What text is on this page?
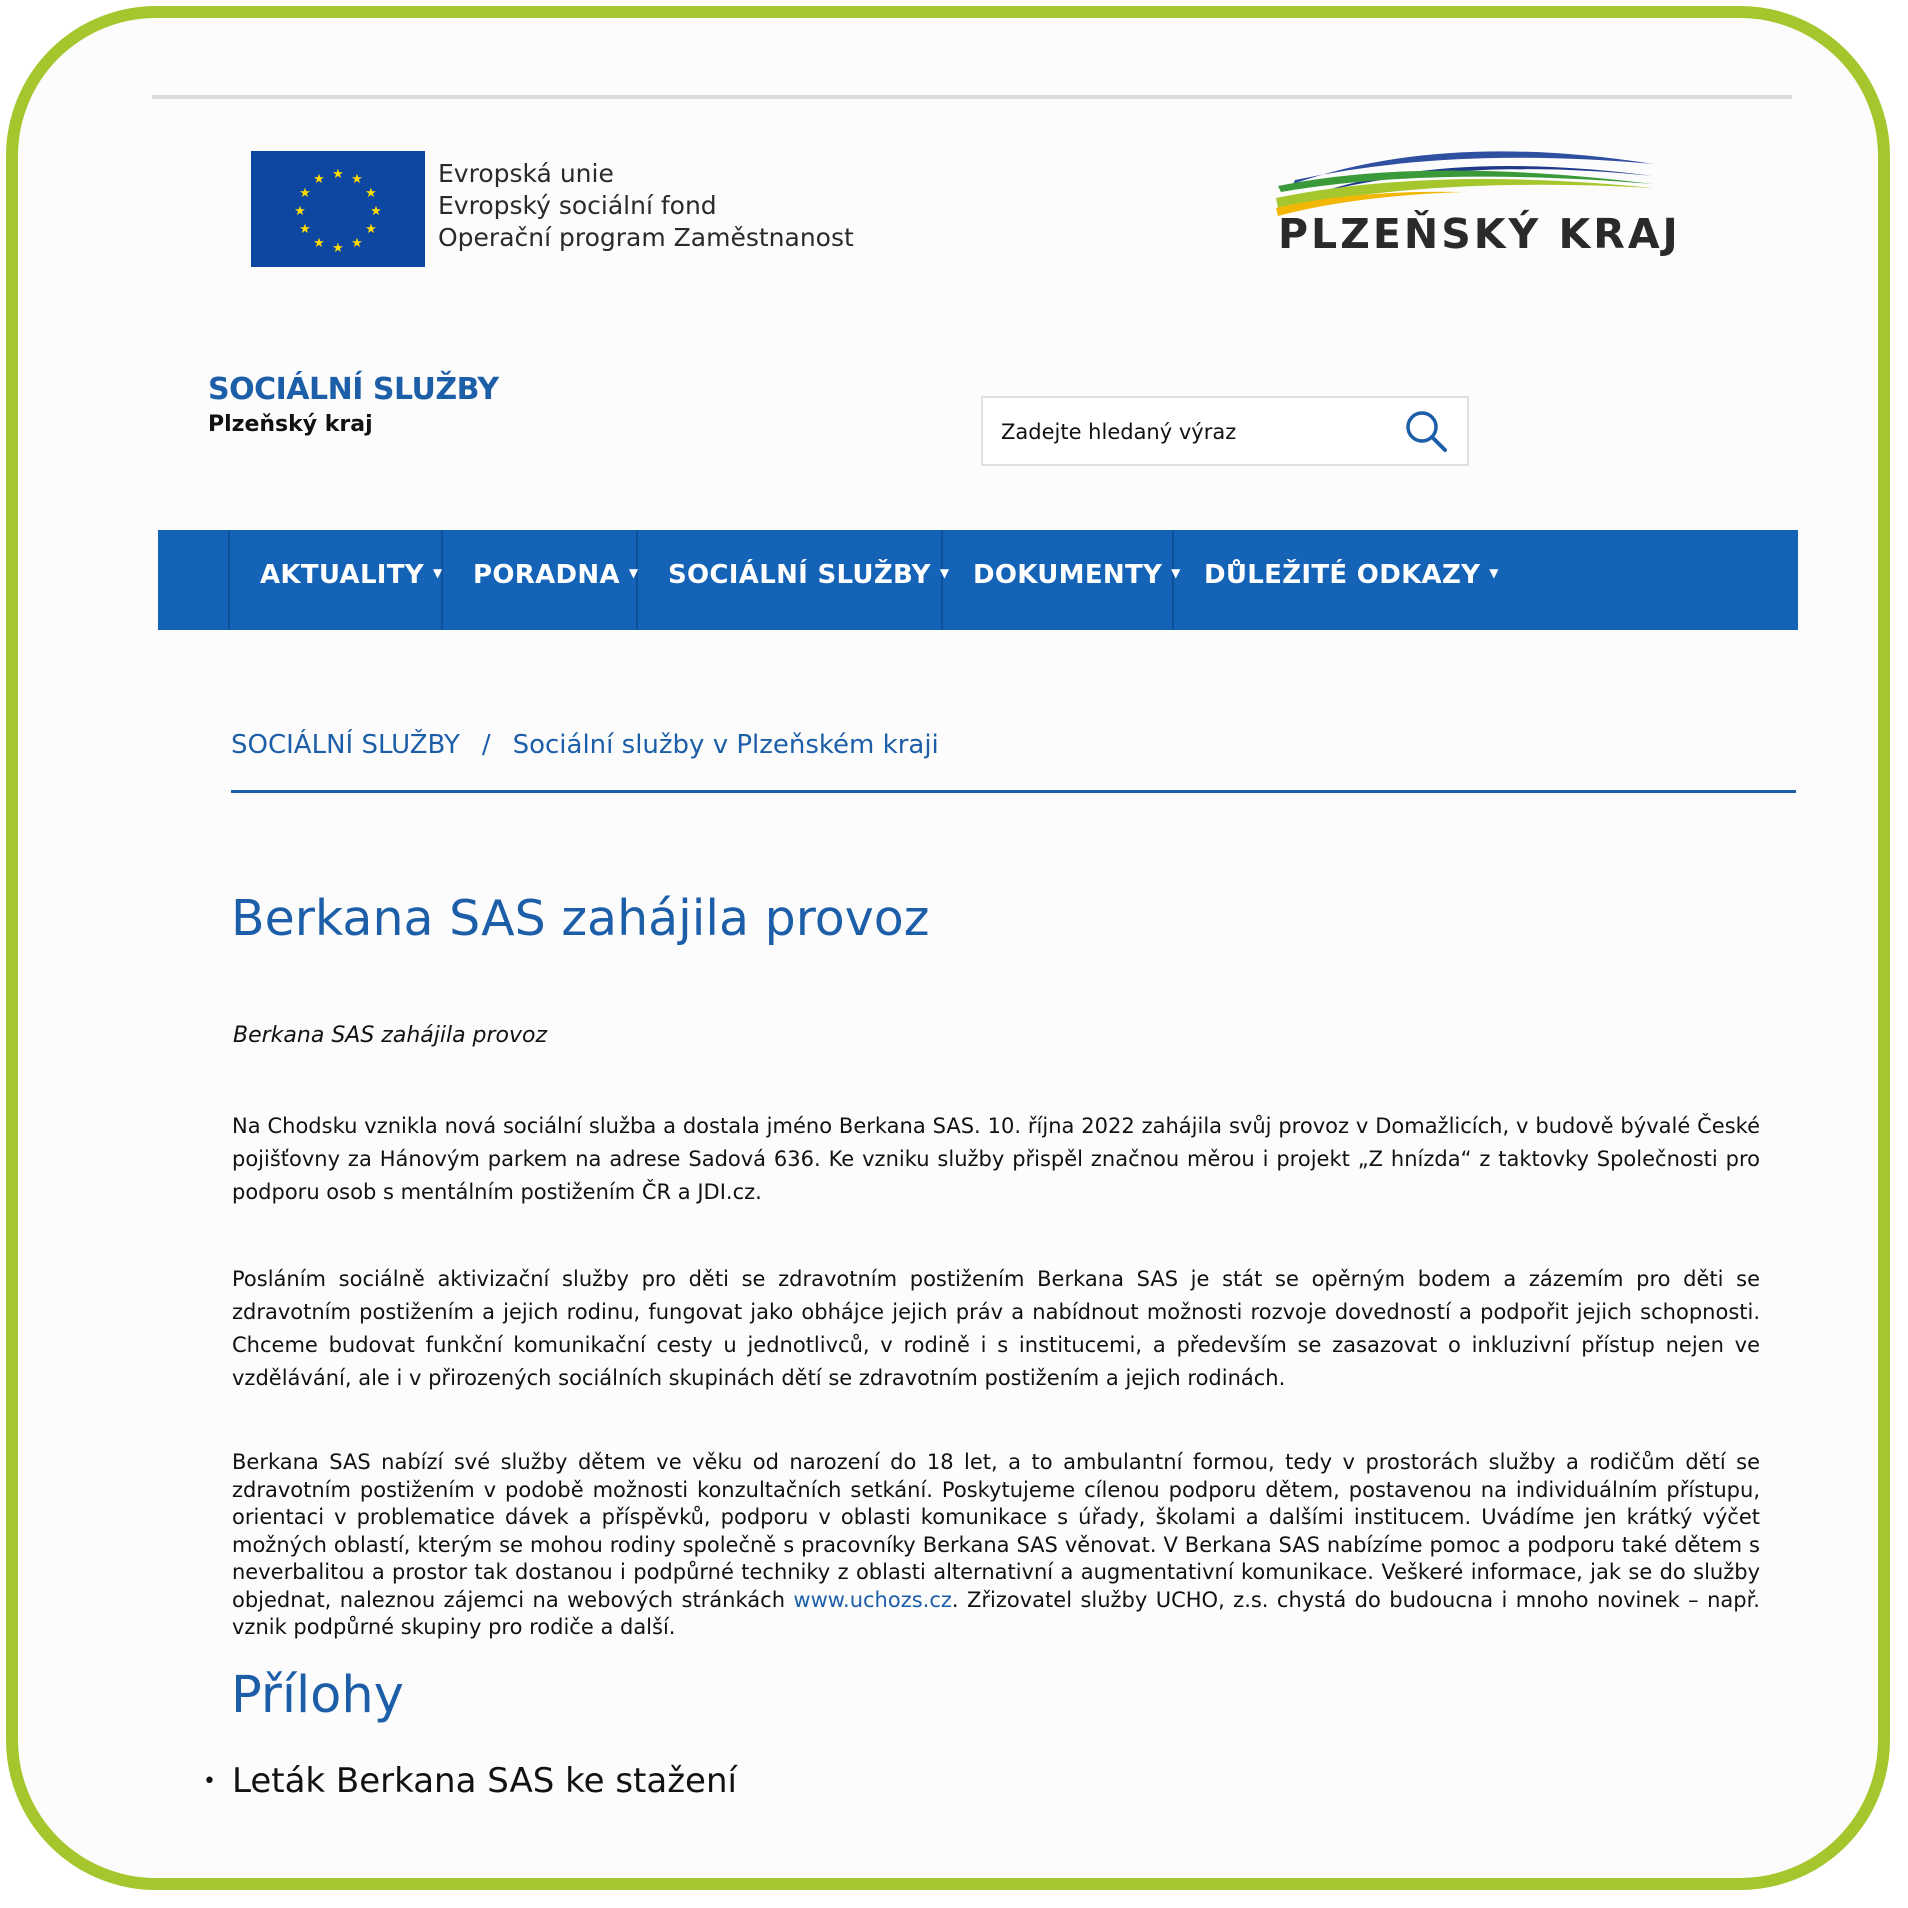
★ ★
★
★
★
★
★
★
★
★
★
★	Evropská unie
Evropský sociální fond
Operační program Zaměstnanost	PLZEŇSKÝ KRAJ
SOCIÁLNÍ SLUŽBY
Plzeňský kraj
Zadejte hledaný výraz
AKTUALITY ▼ PORADNA ▼ SOCIÁLNÍ SLUŽBY ▼ DOKUMENTY ▼ DŮLEŽITÉ ODKAZY ▼
SOCIÁLNÍ SLUŽBY / Sociální služby v Plzeňském kraji
Berkana SAS zahájila provoz
Berkana SAS zahájila provoz
Na Chodsku vznikla nová sociální služba a dostala jméno Berkana SAS. 10. října 2022 zahájila svůj provoz v Domažlicích, v budově bývalé České pojišťovny za Hánovým parkem na adrese Sadová 636. Ke vzniku služby přispěl značnou měrou i projekt „Z hnízda“ z taktovky Společnosti pro podporu osob s mentálním postižením ČR a JDI.cz.
Posláním sociálně aktivizační služby pro děti se zdravotním postižením Berkana SAS je stát se opěrným bodem a zázemím pro děti se zdravotním postižením a jejich rodinu, fungovat jako obhájce jejich práv a nabídnout možnosti rozvoje dovedností a podpořit jejich schopnosti. Chceme budovat funkční komunikační cesty u jednotlivců, v rodině i s institucemi, a především se zasazovat o inkluzivní přístup nejen ve vzdělávání, ale i v přirozených sociálních skupinách dětí se zdravotním postižením a jejich rodinách.
Berkana SAS nabízí své služby dětem ve věku od narození do 18 let, a to ambulantní formou, tedy v prostorách služby a rodičům dětí se zdravotním postižením v podobě možnosti konzultačních setkání. Poskytujeme cílenou podporu dětem, postavenou na individuálním přístupu, orientaci v problematice dávek a příspěvků, podporu v oblasti komunikace s úřady, školami a dalšími institucem. Uvádíme jen krátký výčet možných oblastí, kterým se mohou rodiny společně s pracovníky Berkana SAS věnovat. V Berkana SAS nabízíme pomoc a podporu také dětem s neverbalitou a prostor tak dostanou i podpůrné techniky z oblasti alternativní a augmentativní komunikace. Veškeré informace, jak se do služby objednat, naleznou zájemci na webových stránkách www.uchozs.cz. Zřizovatel služby UCHO, z.s. chystá do budoucna i mnoho novinek – např. vznik podpůrné skupiny pro rodiče a další.
Přílohy
• Leták Berkana SAS ke stažení
